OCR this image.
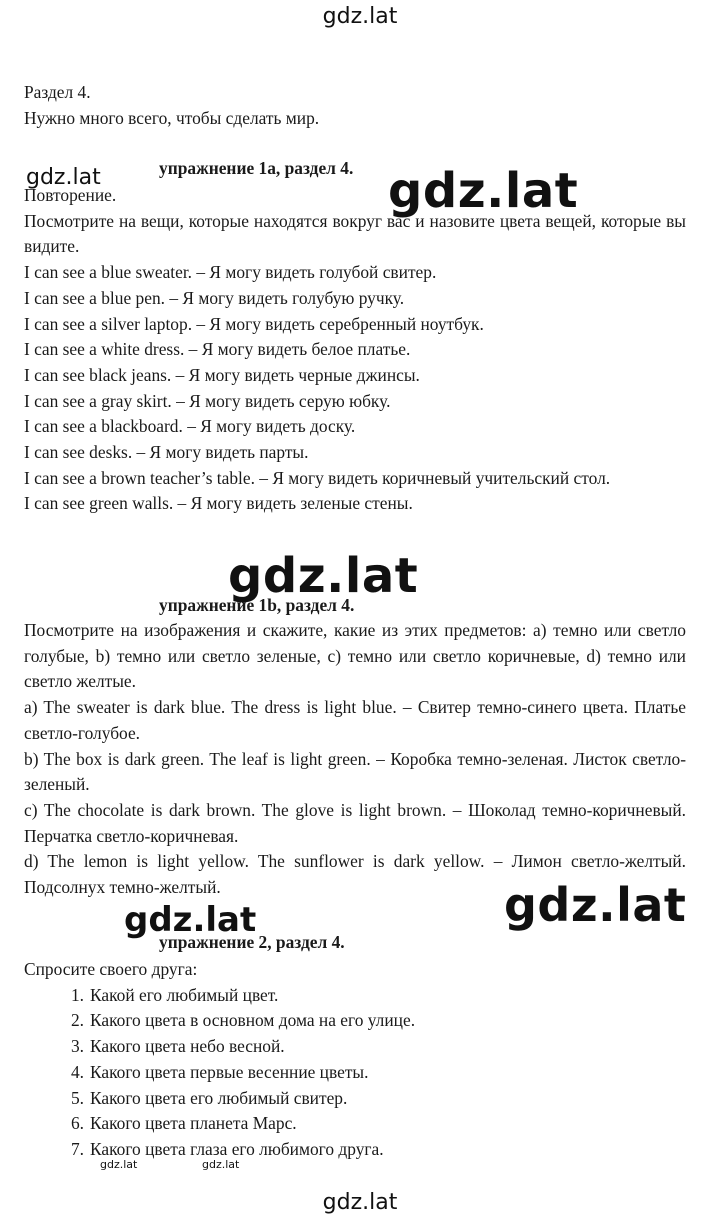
gdz.lat
gdz.lat

Раздел 4.

Нужно много всего, чтобы сделать мир.

упражнение 1a, раздел 4.

Повторение.

Посмотрите на вещи, которые находятся вокруг вас и назовите цвета вещей, которые вы видите.

I can see a blue sweater. – Я могу видеть голубой свитер.

I can see a blue pen. – Я могу видеть голубую ручку.

I can see a silver laptop. – Я могу видеть серебренный ноутбук.

I can see a white dress. – Я могу видеть белое платье.

I can see black jeans. – Я могу видеть черные джинсы.

I can see a gray skirt. – Я могу видеть серую юбку.

I can see a blackboard. – Я могу видеть доску.

I can see desks. – Я могу видеть парты.

I can see a brown teacher’s table. – Я могу видеть коричневый учительский стол.

I can see green walls. – Я могу видеть зеленые стены.

упражнение 1b, раздел 4.

Посмотрите на изображения и скажите, какие из этих предметов: a) темно или светло голубые, b) темно или светло зеленые, c) темно или светло коричневые, d) темно или светло желтые.

a) The sweater is dark blue. The dress is light blue. – Свитер темно-синего цвета. Платье светло-голубое.

b) The box is dark green. The leaf is light green. – Коробка темно-зеленая. Листок светло-зеленый.

c) The chocolate is dark brown. The glove is light brown. – Шоколад темно-коричневый. Перчатка светло-коричневая.

d) The lemon is light yellow. The sunflower is dark yellow. – Лимон светло-желтый. Подсолнух темно-желтый.

упражнение 2, раздел 4.

Спросите своего друга:

1. Какой его любимый цвет.
2. Какого цвета в основном дома на его улице.
3. Какого цвета небо весной.
4. Какого цвета первые весенние цветы.
5. Какого цвета его любимый свитер.
6. Какого цвета планета Марс.
7. Какого цвета глаза его любимого друга.
gdz.lat	gdz.lat
gdz.lat
gdz.lat
gdz.lat
gdz.lat	gdz.lat
